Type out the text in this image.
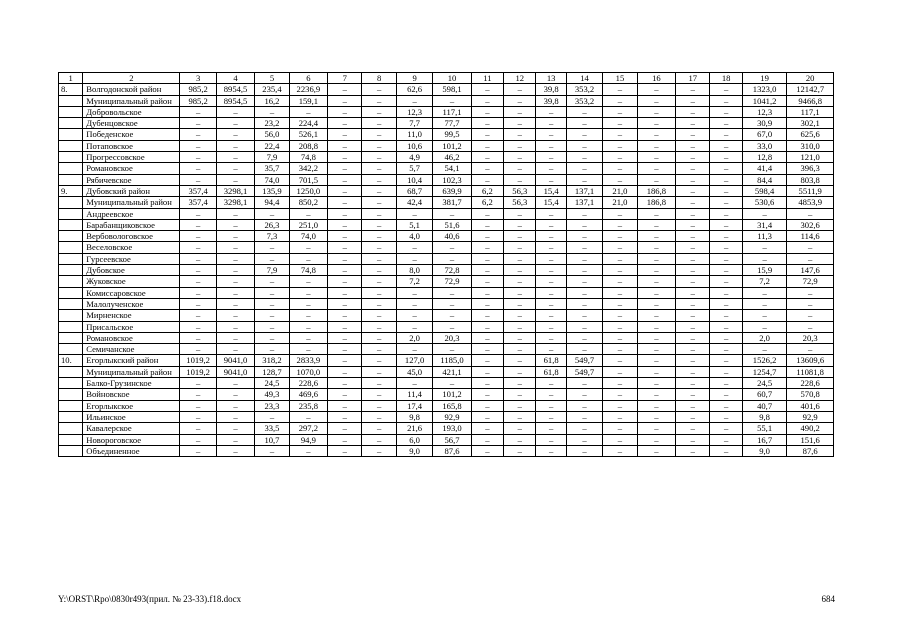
1	2	3	4	5	6	7	8	9	10	11	12	13	14	15	16	17	18	19	20
8.	Волгодонской район	985,2	8954,5	235,4	2236,9	–	–	62,6	598,1	–	–	39,8	353,2	–	–	–	–	1323,0	12142,7
	Муниципальный район	985,2	8954,5	16,2	159,1	–	–	–	–	–	–	39,8	353,2	–	–	–	–	1041,2	9466,8
	Добровольское	–	–	–	–	–	–	12,3	117,1	–	–	–	–	–	–	–	–	12,3	117,1
	Дубенцовское	–	–	23,2	224,4	–	–	7,7	77,7	–	–	–	–	–	–	–	–	30,9	302,1
	Победенское	–	–	56,0	526,1	–	–	11,0	99,5	–	–	–	–	–	–	–	–	67,0	625,6
	Потаповское	–	–	22,4	208,8	–	–	10,6	101,2	–	–	–	–	–	–	–	–	33,0	310,0
	Прогрессовское	–	–	7,9	74,8	–	–	4,9	46,2	–	–	–	–	–	–	–	–	12,8	121,0
	Романовское	–	–	35,7	342,2	–	–	5,7	54,1	–	–	–	–	–	–	–	–	41,4	396,3
	Рябичевское	–	–	74,0	701,5	–	–	10,4	102,3	–	–	–	–	–	–	–	–	84,4	803,8
9.	Дубовский район	357,4	3298,1	135,9	1250,0	–	–	68,7	639,9	6,2	56,3	15,4	137,1	21,0	186,8	–	–	598,4	5511,9
	Муниципальный район	357,4	3298,1	94,4	850,2	–	–	42,4	381,7	6,2	56,3	15,4	137,1	21,0	186,8	–	–	530,6	4853,9
	Андреевское	–	–	–	–	–	–	–	–	–	–	–	–	–	–	–	–	–	–
	Барабанщиковское	–	–	26,3	251,0	–	–	5,1	51,6	–	–	–	–	–	–	–	–	31,4	302,6
	Вербовологовское	–	–	7,3	74,0	–	–	4,0	40,6	–	–	–	–	–	–	–	–	11,3	114,6
	Веселовское	–	–	–	–	–	–	–	–	–	–	–	–	–	–	–	–	–	–
	Гурсеевское	–	–	–	–	–	–	–	–	–	–	–	–	–	–	–	–	–	–
	Дубовское	–	–	7,9	74,8	–	–	8,0	72,8	–	–	–	–	–	–	–	–	15,9	147,6
	Жуковское	–	–	–	–	–	–	7,2	72,9	–	–	–	–	–	–	–	–	7,2	72,9
	Комиссаровское	–	–	–	–	–	–	–	–	–	–	–	–	–	–	–	–	–	–
	Малолученское	–	–	–	–	–	–	–	–	–	–	–	–	–	–	–	–	–	–
	Мирненское	–	–	–	–	–	–	–	–	–	–	–	–	–	–	–	–	–	–
	Присальское	–	–	–	–	–	–	–	–	–	–	–	–	–	–	–	–	–	–
	Романовское	–	–	–	–	–	–	2,0	20,3	–	–	–	–	–	–	–	–	2,0	20,3
	Семичанское	–	–	–	–	–	–	–	–	–	–	–	–	–	–	–	–	–	–
10.	Егорлыкский район	1019,2	9041,0	318,2	2833,9	–	–	127,0	1185,0	–	–	61,8	549,7	–	–	–	–	1526,2	13609,6
	Муниципальный район	1019,2	9041,0	128,7	1070,0	–	–	45,0	421,1	–	–	61,8	549,7	–	–	–	–	1254,7	11081,8
	Балко-Грузинское	–	–	24,5	228,6	–	–	–	–	–	–	–	–	–	–	–	–	24,5	228,6
	Войновское	–	–	49,3	469,6	–	–	11,4	101,2	–	–	–	–	–	–	–	–	60,7	570,8
	Егорлыкское	–	–	23,3	235,8	–	–	17,4	165,8	–	–	–	–	–	–	–	–	40,7	401,6
	Ильинское	–	–	–	–	–	–	9,8	92,9	–	–	–	–	–	–	–	–	9,8	92,9
	Кавалерское	–	–	33,5	297,2	–	–	21,6	193,0	–	–	–	–	–	–	–	–	55,1	490,2
	Новороговское	–	–	10,7	94,9	–	–	6,0	56,7	–	–	–	–	–	–	–	–	16,7	151,6
	Объединенное	–	–	–	–	–	–	9,0	87,6	–	–	–	–	–	–	–	–	9,0	87,6
Y:\ORST\Rpo\0830r493(прил. № 23-33).f18.docx	684
